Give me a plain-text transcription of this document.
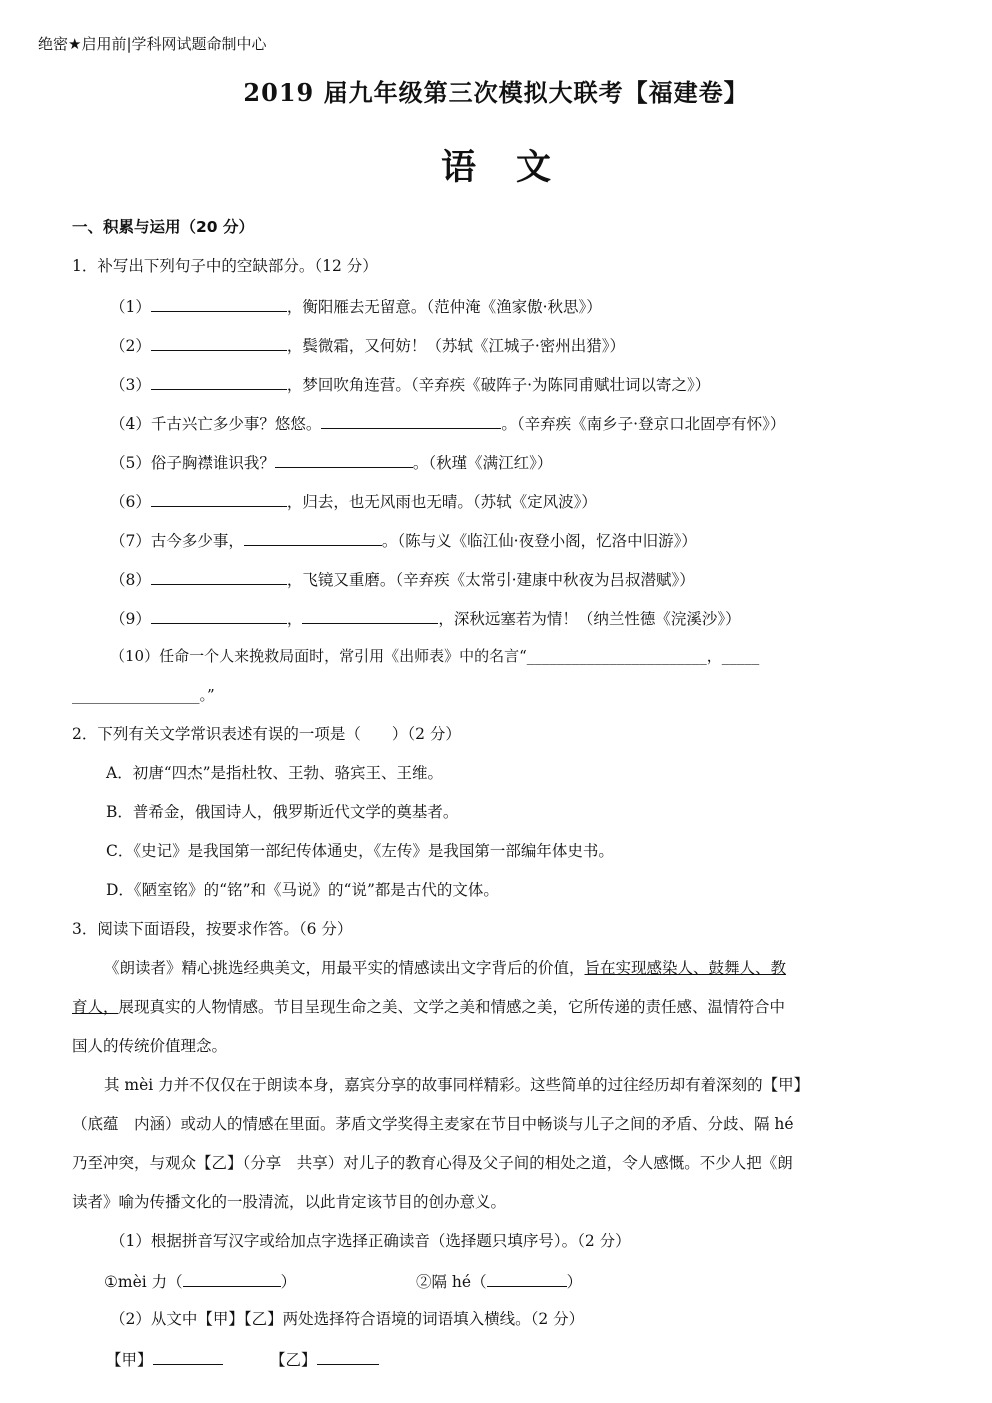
绝密★启用前|学科网试题命制中心
2019 届九年级第三次模拟大联考【福建卷】
语文
一、积累与运用（20 分）
1．补写出下列句子中的空缺部分。（12 分）
（1）	，衡阳雁去无留意。（范仲淹《渔家傲·秋思》）
（2）	，鬓微霜，又何妨！（苏轼《江城子·密州出猎》）
（3）	，梦回吹角连营。（辛弃疾《破阵子·为陈同甫赋壮词以寄之》）
（4）千古兴亡多少事？悠悠。	。（辛弃疾《南乡子·登京口北固亭有怀》）
（5）俗子胸襟谁识我？	。（秋瑾《满江红》）
（6）	，归去，也无风雨也无晴。（苏轼《定风波》）
（7）古今多少事，	。（陈与义《临江仙·夜登小阁，忆洛中旧游》）
（8）	，飞镜又重磨。（辛弃疾《太常引·建康中秋夜为吕叔潜赋》）
（9）	，	，深秋远塞若为情！（纳兰性德《浣溪沙》）
（10）任命一个人来挽救局面时，常引用《出师表》中的名言“________________________，_____
_________________。”
2．下列有关文学常识表述有误的一项是（　　）（2 分）
A．初唐“四杰”是指杜牧、王勃、骆宾王、王维。
B．普希金，俄国诗人，俄罗斯近代文学的奠基者。
C．《史记》是我国第一部纪传体通史，《左传》是我国第一部编年体史书。
D．《陋室铭》的“铭”和《马说》的“说”都是古代的文体。
3．阅读下面语段，按要求作答。（6 分）
《朗读者》精心挑选经典美文，用最平实的情感读出文字背后的价值，旨在实现感染人、鼓舞人、教
育人，展现真实的人物情感。节目呈现生命之美、文学之美和情感之美，它所传递的责任感、温情符合中
国人的传统价值理念。
其 mèi 力并不仅仅在于朗读本身，嘉宾分享的故事同样精彩。这些简单的过往经历却有着深刻的【甲】
（底蕴　内涵）或动人的情感在里面。茅盾文学奖得主麦家在节目中畅谈与儿子之间的矛盾、分歧、隔 hé
乃至冲突，与观众【乙】（分享　共享）对儿子的教育心得及父子间的相处之道，令人感慨。不少人把《朗
读者》喻为传播文化的一股清流，以此肯定该节目的创办意义。
（1）根据拼音写汉字或给加点字选择正确读音（选择题只填序号）。（2 分）
①mèi 力（	）	②隔 hé（	）
（2）从文中【甲】【乙】两处选择符合语境的词语填入横线。（2 分）
【甲】	【乙】
